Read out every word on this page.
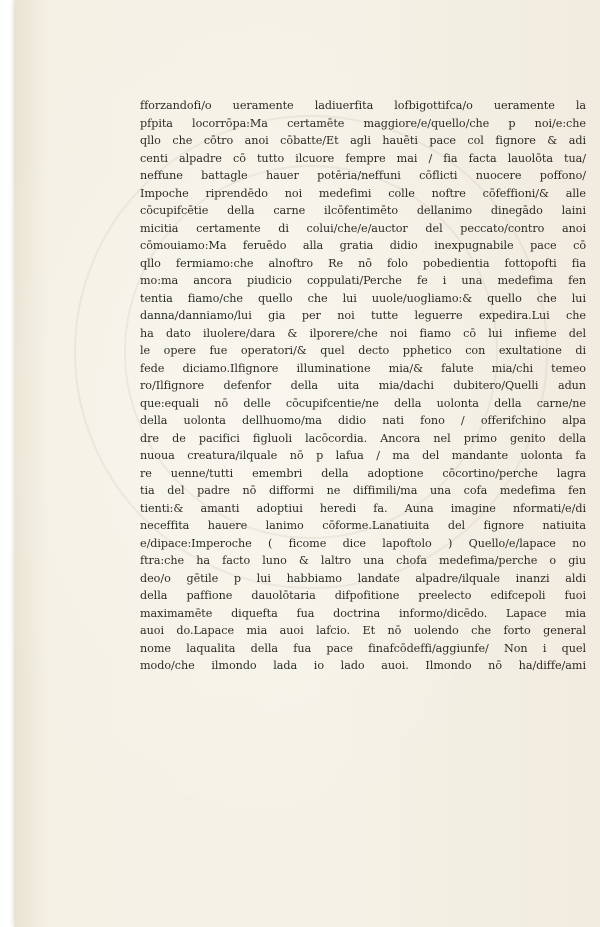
fforzandofi/o ueramente ladiuerfita lofbigottifca/o ueramente la
pfpita locorrōpa:Ma certamēte maggiore/e/quello/che p noi/e:che
qllo che cōtro anoi cōbatte/Et agli hauēti pace col fignore & adi
centi alpadre cō tutto ilcuore fempre mai / fia facta lauolōta tua/
neffune battagle hauer potēria/neffuni cōflicti nuocere poffono/
Impoche riprendēdo noi medefimi colle noftre cōfeffioni/& alle
cōcupifcētie della carne ilcōfentimēto dellanimo dinegādo laini
micitia certamente di colui/che/e/auctor del peccato/contro anoi
cōmouiamo:Ma feruēdo alla gratia didio inexpugnabile pace cō
qllo fermiamo:che alnoftro Re nō folo pobedientia fottopofti fia
mo:ma ancora piudicio coppulati/Perche fe i una medefima fen
tentia fiamo/che quello che lui uuole/uogliamo:& quello che lui
danna/danniamo/lui gia per noi tutte leguerre expedira.Lui che
ha dato iluolere/dara & ilporere/che noi fiamo cō lui infieme del
le opere fue operatori/& quel decto pphetico con exultatione di
fede diciamo.Ilfignore illuminatione mia/& falute mia/chi temeo
ro/Ilfignore defenfor della uita mia/dachi dubitero/Quelli adun
que:equali nō delle cōcupifcentie/ne della uolonta della carne/ne
della uolonta dellhuomo/ma didio nati fono / offerifchino alpa
dre de pacifici figluoli lacōcordia. Ancora nel primo genito della
nuoua creatura/ilquale nō p lafua / ma del mandante uolonta fa
re uenne/tutti emembri della adoptione cōcortino/perche lagra
tia del padre nō difformi ne diffimili/ma una cofa medefima fen
tienti:& amanti adoptiui heredi fa. Auna imagine nformati/e/di
neceffita hauere lanimo cōforme.Lanatiuita del fignore natiuita
e/dipace:Imperoche ( ficome dice lapoftolo ) Quello/e/lapace no
ftra:che ha facto luno & laltro una chofa medefima/perche o giu
deo/o gētile p lui habbiamo landate alpadre/ilquale inanzi aldi
della paffione dauolōtaria difpofitione preelecto edifcepoli fuoi
maximamēte diquefta fua doctrina informo/dicēdo. Lapace mia
auoi do.Lapace mia auoi lafcio. Et nō uolendo che forto general
nome laqualita della fua pace finafcōdeffi/aggiunfe/ Non i quel
modo/che ilmondo lada io lado auoi. Ilmondo nō ha/diffe/ami
